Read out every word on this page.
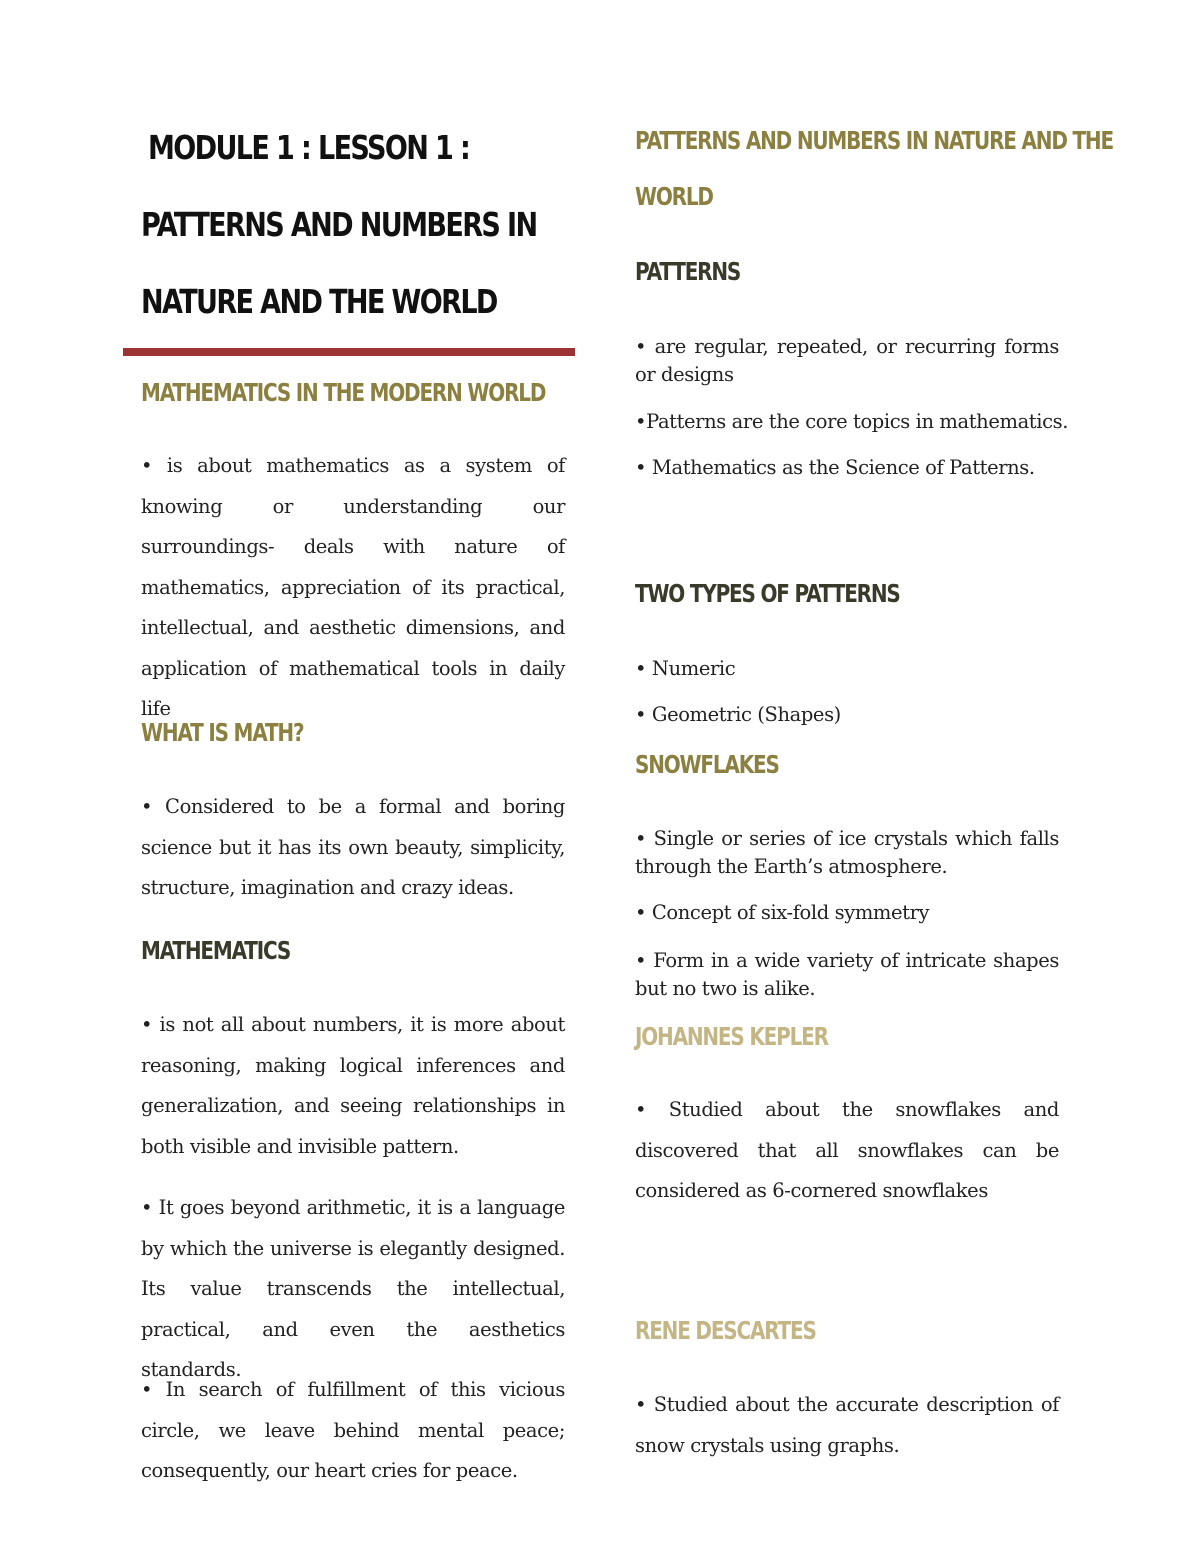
MODULE 1 : LESSON 1 :
PATTERNS AND NUMBERS IN
NATURE AND THE WORLD
MATHEMATICS IN THE MODERN WORLD

• is about mathematics as a system of knowing or understanding our surroundings- deals with nature of mathematics, appreciation of its practical, intellectual, and aesthetic dimensions, and application of mathematical tools in daily life

WHAT IS MATH?

• Considered to be a formal and boring science but it has its own beauty, simplicity, structure, imagination and crazy ideas.

MATHEMATICS

• is not all about numbers, it is more about reasoning, making logical inferences and generalization, and seeing relationships in both visible and invisible pattern.

• It goes beyond arithmetic, it is a language by which the universe is elegantly designed. Its value transcends the intellectual, practical, and even the aesthetics standards.

• In search of fulfillment of this vicious circle, we leave behind mental peace; consequently, our heart cries for peace.

PATTERNS AND NUMBERS IN NATURE AND THE
WORLD
PATTERNS

• are regular, repeated, or recurring forms or designs

•Patterns are the core topics in mathematics.

• Mathematics as the Science of Patterns.

TWO TYPES OF PATTERNS

• Numeric

• Geometric (Shapes)

SNOWFLAKES

• Single or series of ice crystals which falls through the Earth’s atmosphere.

• Concept of six-fold symmetry

• Form in a wide variety of intricate shapes but no two is alike.

JOHANNES KEPLER

• Studied about the snowflakes and discovered that all snowflakes can be considered as 6-cornered snowflakes

RENE DESCARTES

• Studied about the accurate description of snow crystals using graphs.
